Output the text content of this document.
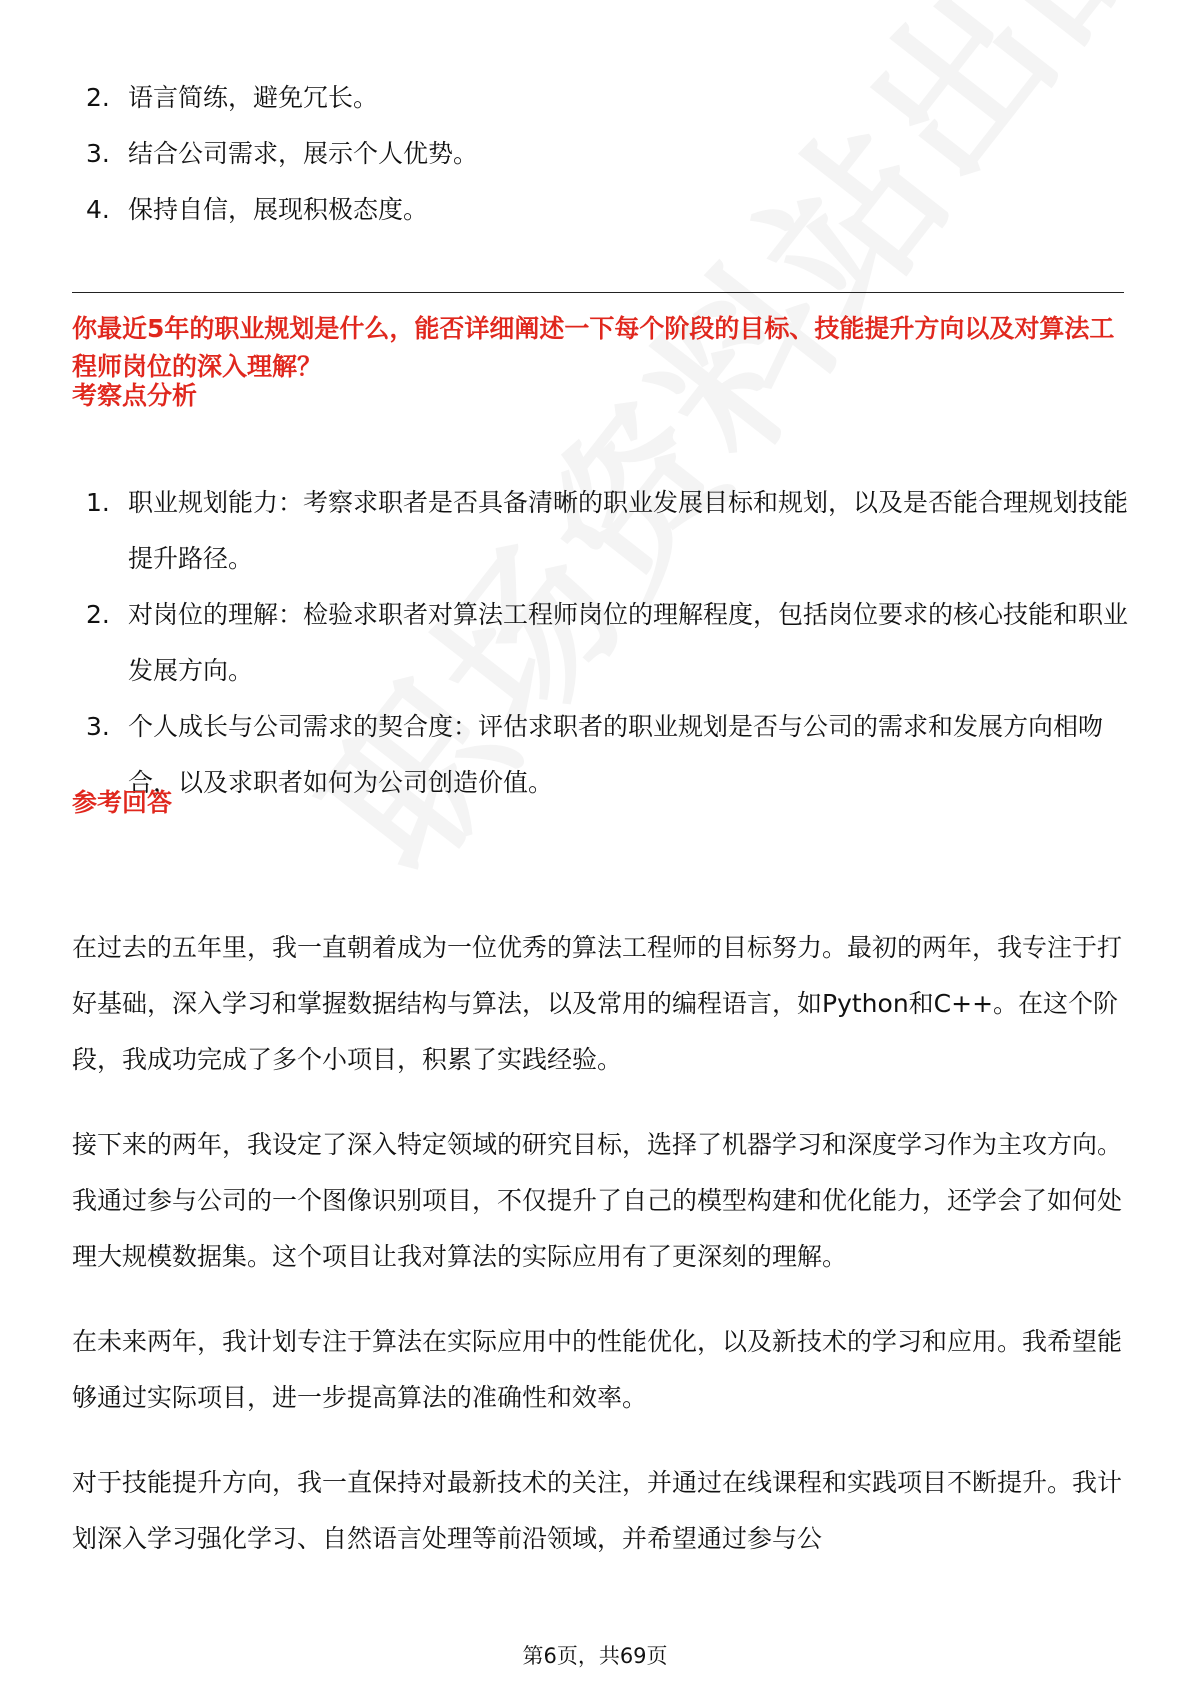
2. 语言简练，避免冗长。
3. 结合公司需求，展示个人优势。
4. 保持自信，展现积极态度。
你最近5年的职业规划是什么，能否详细阐述一下每个阶段的目标、技能提升方向以及对算法工程师岗位的深入理解？
考察点分析
1. 职业规划能力：考察求职者是否具备清晰的职业发展目标和规划，以及是否能合理规划技能提升路径。
2. 对岗位的理解：检验求职者对算法工程师岗位的理解程度，包括岗位要求的核心技能和职业发展方向。
3. 个人成长与公司需求的契合度：评估求职者的职业规划是否与公司的需求和发展方向相吻合，以及求职者如何为公司创造价值。
参考回答

在过去的五年里，我一直朝着成为一位优秀的算法工程师的目标努力。最初的两年，我专注于打好基础，深入学习和掌握数据结构与算法，以及常用的编程语言，如Python和C++。在这个阶段，我成功完成了多个小项目，积累了实践经验。

接下来的两年，我设定了深入特定领域的研究目标，选择了机器学习和深度学习作为主攻方向。我通过参与公司的一个图像识别项目，不仅提升了自己的模型构建和优化能力，还学会了如何处理大规模数据集。这个项目让我对算法的实际应用有了更深刻的理解。

在未来两年，我计划专注于算法在实际应用中的性能优化，以及新技术的学习和应用。我希望能够通过实际项目，进一步提高算法的准确性和效率。

对于技能提升方向，我一直保持对最新技术的关注，并通过在线课程和实践项目不断提升。我计划深入学习强化学习、自然语言处理等前沿领域，并希望通过参与公

第6页，共69页
